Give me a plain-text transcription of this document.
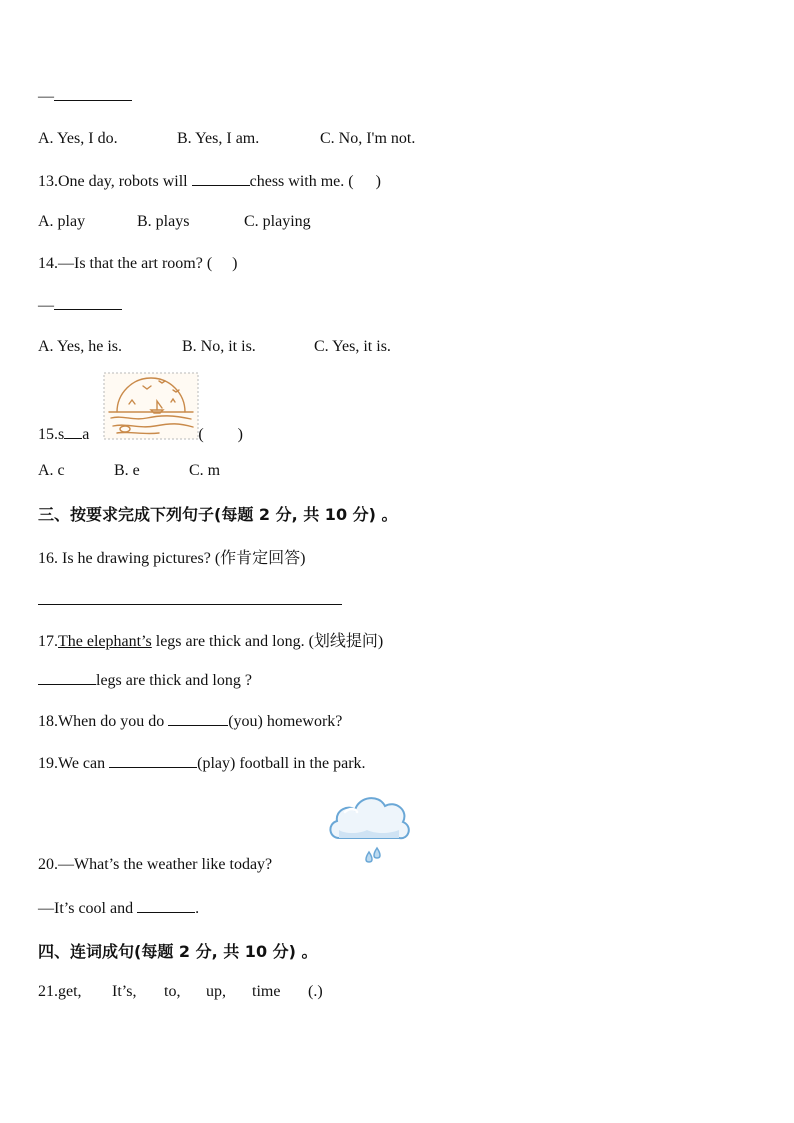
—
A. Yes, I do.	B. Yes, I am.	C. No, I'm not.
13.One day, robots will	chess with me. ( )
A. play	B. plays	C. playing
14.—Is that the art room? ( )
—
A. Yes, he is.	B. No, it is.	C. Yes, it is.
15.s a	( )
A. c	B. e	C. m
三、按要求完成下列句子(每题 2 分, 共 10 分) 。
16. Is he drawing pictures? (作肯定回答)
17.The elephant’s legs are thick and long. (划线提问)
legs are thick and long ?
18.When do you do	(you) homework?
19.We can	(play) football in the park.
20.—What’s the weather like today?
—It’s cool and	.
四、连词成句(每题 2 分, 共 10 分) 。
21.get, It’s, to, up, time (.)
